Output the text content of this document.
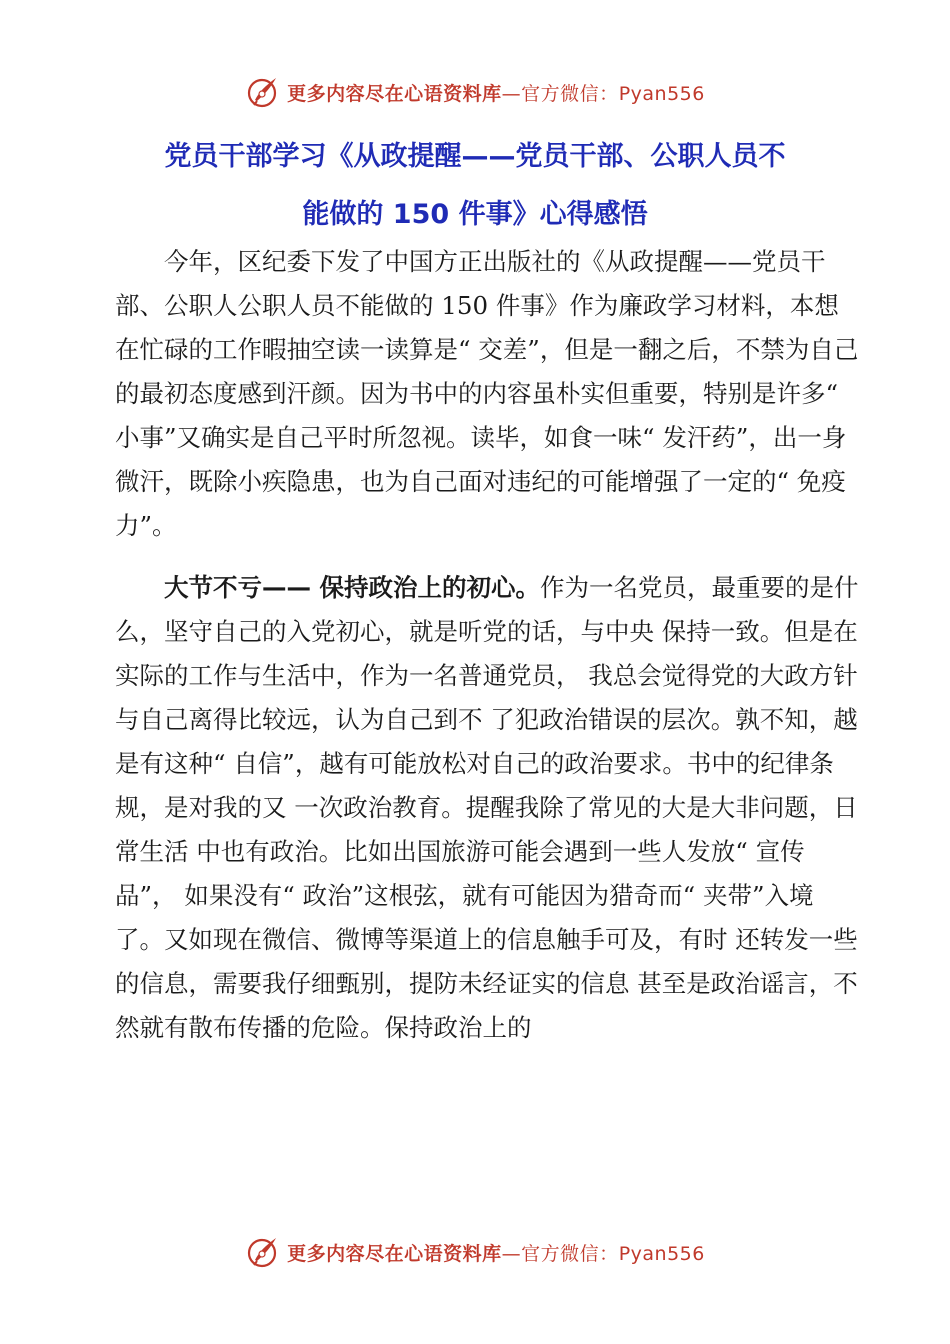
更多内容尽在心语资料库—官方微信：Pyan556
党员干部学习《从政提醒——党员干部、公职人员不
能做的 150 件事》心得感悟

今年，区纪委下发了中国方正出版社的《从政提醒——党员干部、公职人公职人员不能做的 150 件事》作为廉政学习材料，本想在忙碌的工作暇抽空读一读算是“ 交差”，但是一翻之后，不禁为自己的最初态度感到汗颜。因为书中的内容虽朴实但重要，特别是许多“ 小事”又确实是自己平时所忽视。读毕，如食一味“ 发汗药”，出一身微汗，既除小疾隐患，也为自己面对违纪的可能增强了一定的“ 免疫力”。

大节不亏—— 保持政治上的初心。作为一名党员，最重要的是什么，坚守自己的入党初心，就是听党的话，与中央 保持一致。但是在实际的工作与生活中，作为一名普通党员， 我总会觉得党的大政方针与自己离得比较远，认为自己到不 了犯政治错误的层次。孰不知，越是有这种“ 自信”，越有可能放松对自己的政治要求。书中的纪律条规，是对我的又 一次政治教育。提醒我除了常见的大是大非问题，日常生活 中也有政治。比如出国旅游可能会遇到一些人发放“ 宣传品”， 如果没有“ 政治”这根弦，就有可能因为猎奇而“ 夹带”入境了。又如现在微信、微博等渠道上的信息触手可及，有时 还转发一些的信息，需要我仔细甄别，提防未经证实的信息 甚至是政治谣言，不然就有散布传播的危险。保持政治上的

更多内容尽在心语资料库—官方微信：Pyan556
